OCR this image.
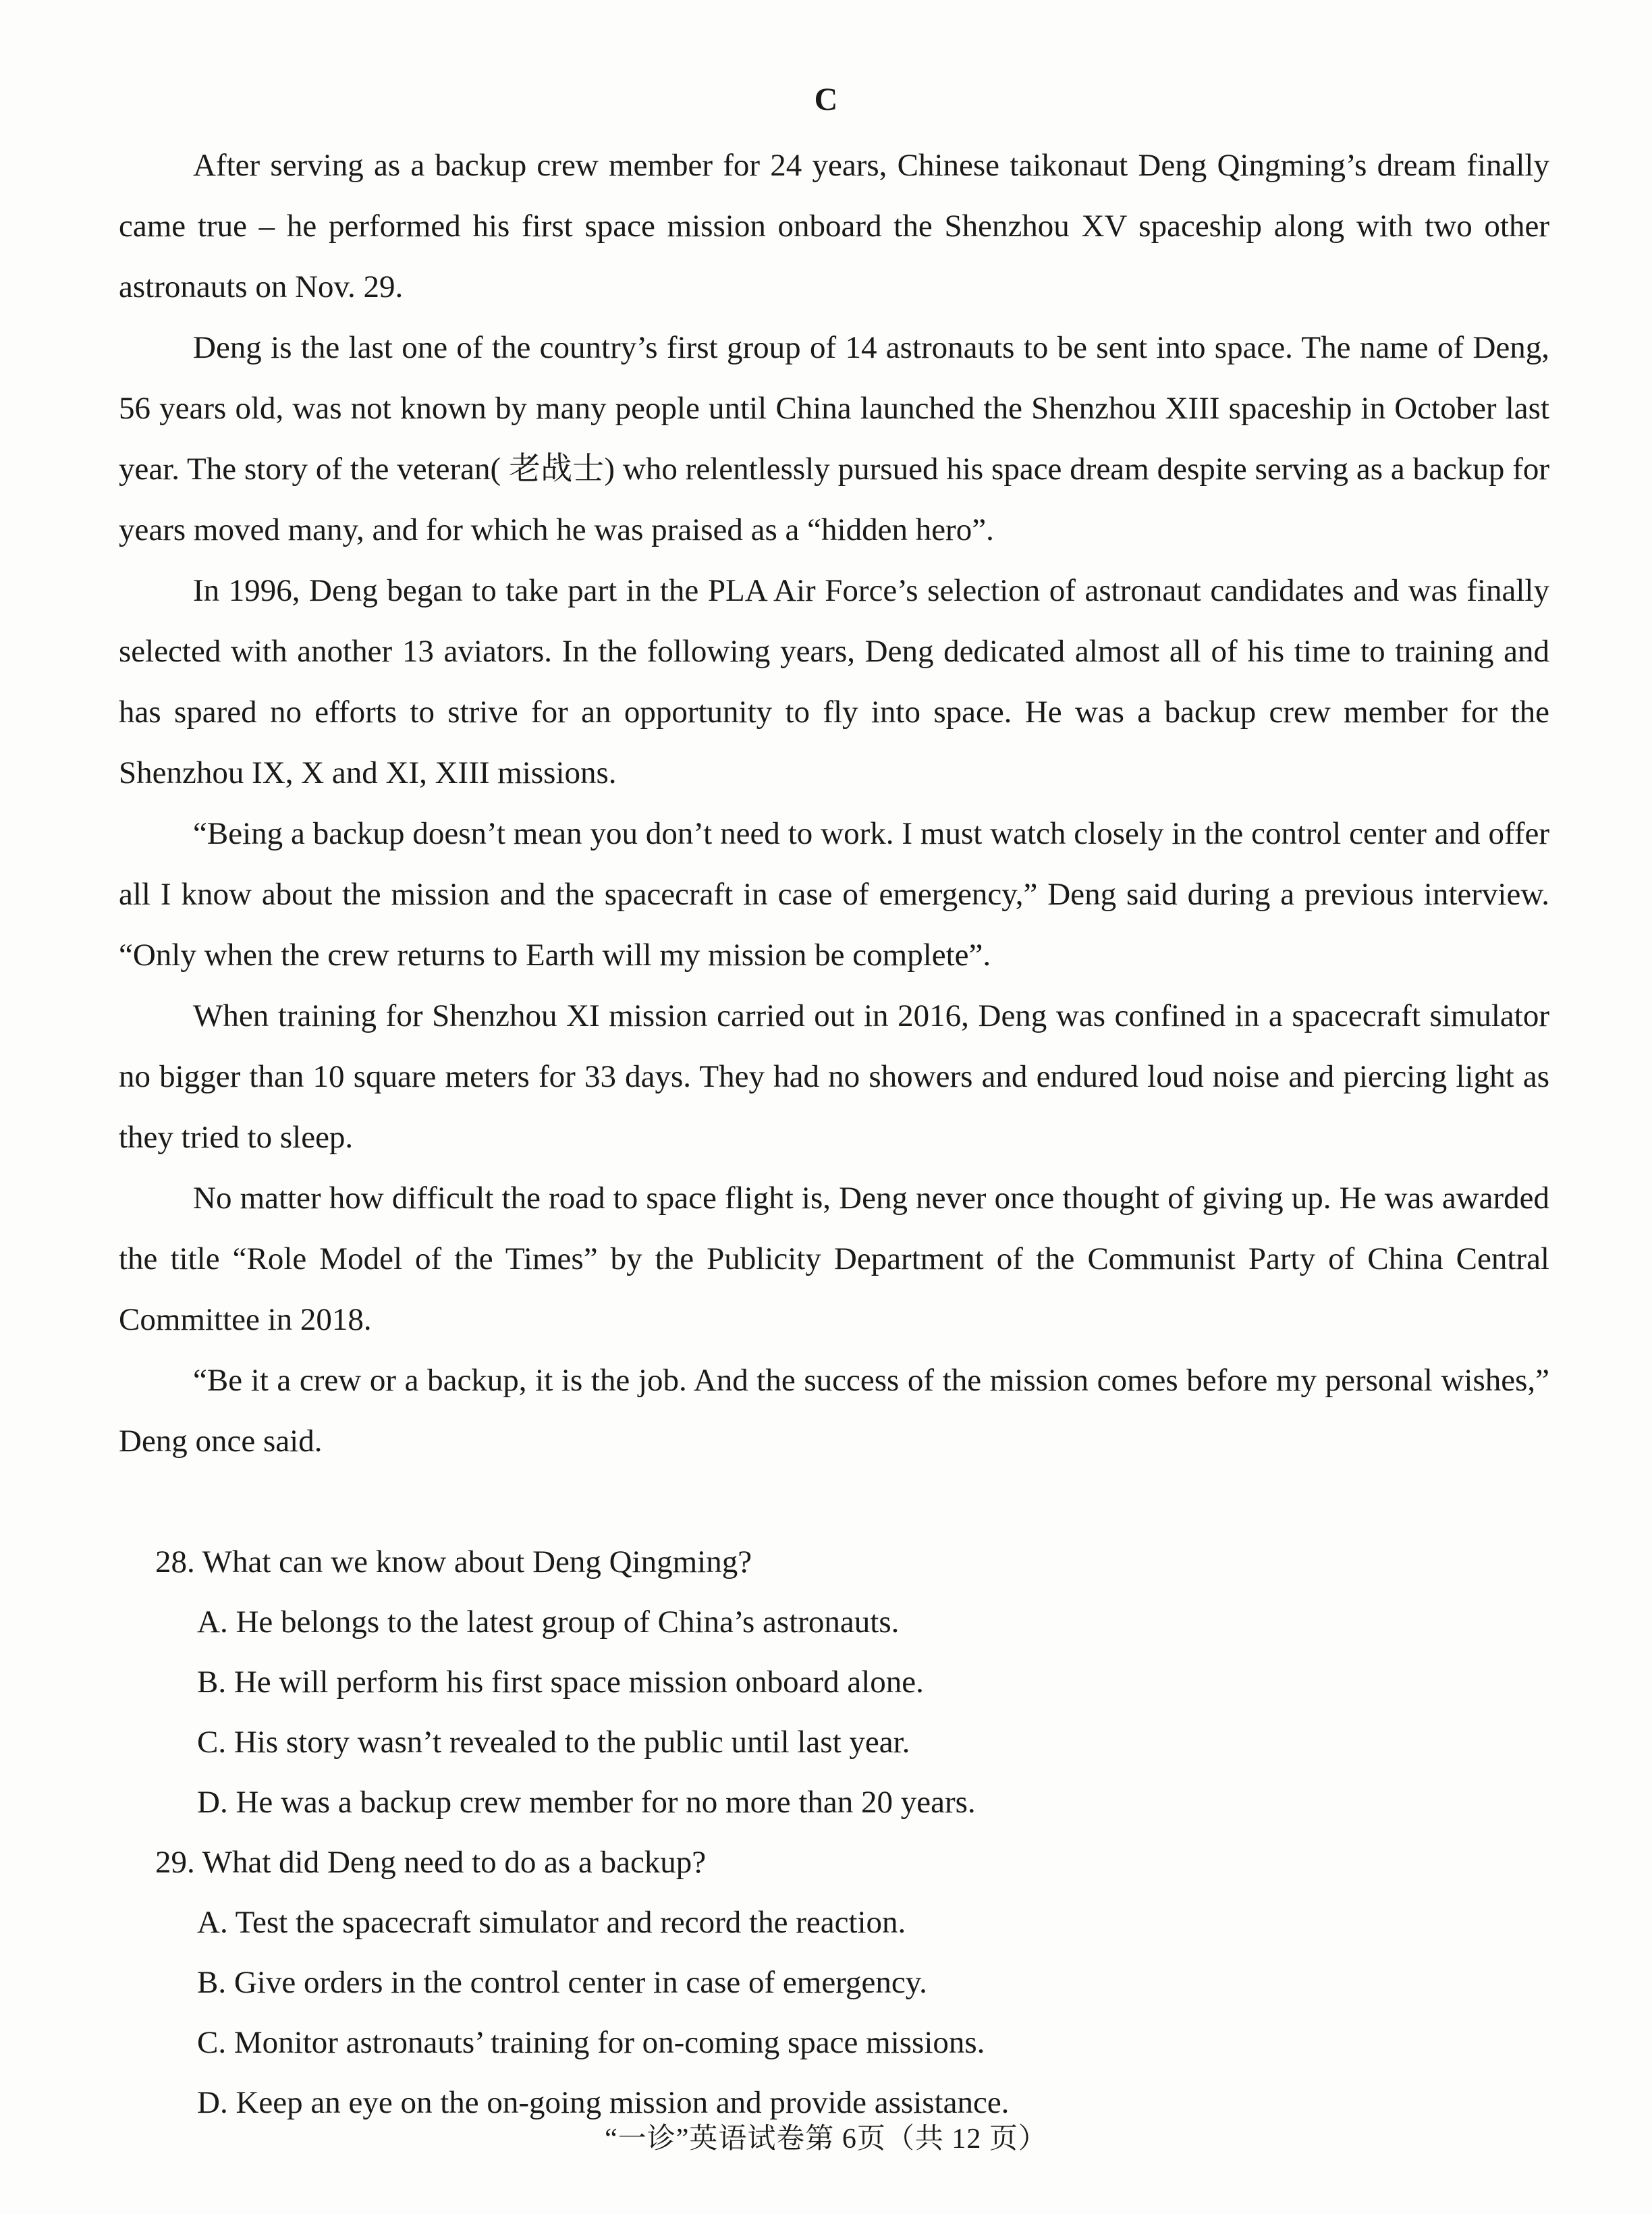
C

After serving as a backup crew member for 24 years, Chinese taikonaut Deng Qingming’s dream finally came true – he performed his first space mission onboard the Shenzhou XV spaceship along with two other astronauts on Nov. 29.

Deng is the last one of the country’s first group of 14 astronauts to be sent into space. The name of Deng, 56 years old, was not known by many people until China launched the Shenzhou XIII spaceship in October last year. The story of the veteran( 老战士) who relentlessly pursued his space dream despite serving as a backup for years moved many, and for which he was praised as a “hidden hero”.

In 1996, Deng began to take part in the PLA Air Force’s selection of astronaut candidates and was finally selected with another 13 aviators. In the following years, Deng dedicated almost all of his time to training and has spared no efforts to strive for an opportunity to fly into space. He was a backup crew member for the Shenzhou IX, X and XI, XIII missions.

“Being a backup doesn’t mean you don’t need to work. I must watch closely in the control center and offer all I know about the mission and the spacecraft in case of emergency,” Deng said during a previous interview. “Only when the crew returns to Earth will my mission be complete”.

When training for Shenzhou XI mission carried out in 2016, Deng was confined in a spacecraft simulator no bigger than 10 square meters for 33 days. They had no showers and endured loud noise and piercing light as they tried to sleep.

No matter how difficult the road to space flight is, Deng never once thought of giving up. He was awarded the title “Role Model of the Times” by the Publicity Department of the Communist Party of China Central Committee in 2018.

“Be it a crew or a backup, it is the job. And the success of the mission comes before my personal wishes,” Deng once said.

28. What can we know about Deng Qingming?

A. He belongs to the latest group of China’s astronauts.

B. He will perform his first space mission onboard alone.

C. His story wasn’t revealed to the public until last year.

D. He was a backup crew member for no more than 20 years.

29. What did Deng need to do as a backup?

A. Test the spacecraft simulator and record the reaction.

B. Give orders in the control center in case of emergency.

C. Monitor astronauts’ training for on-coming space missions.

D. Keep an eye on the on-going mission and provide assistance.

“一诊”英语试卷第 6页（共 12 页）
